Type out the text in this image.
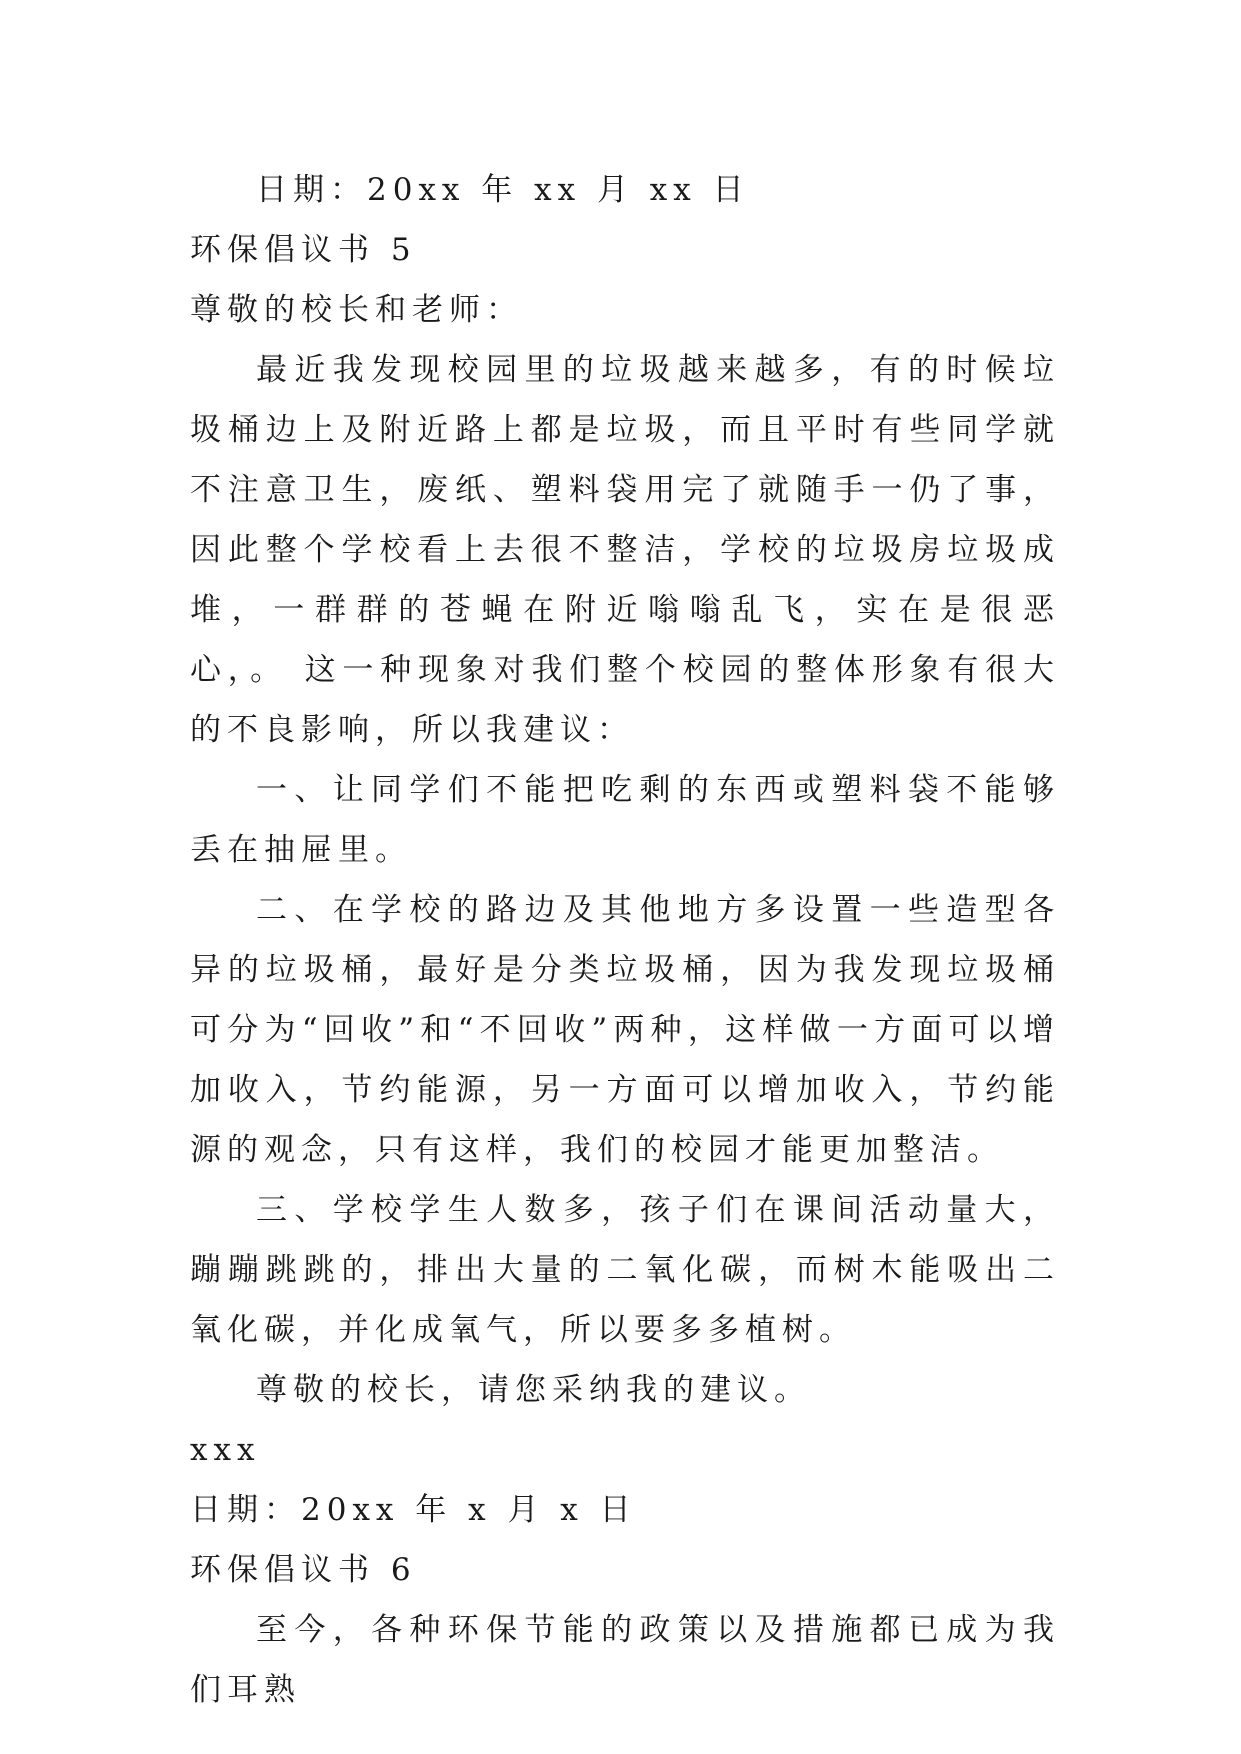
日期：20xx 年 xx 月 xx 日

环保倡议书 5

尊敬的校长和老师：

最近我发现校园里的垃圾越来越多，有的时候垃圾桶边上及附近路上都是垃圾，而且平时有些同学就不注意卫生，废纸、塑料袋用完了就随手一仍了事，因此整个学校看上去很不整洁，学校的垃圾房垃圾成堆，一群群的苍蝇在附近嗡嗡乱飞，实在是很恶心，。 这一种现象对我们整个校园的整体形象有很大的不良影响，所以我建议：

一、让同学们不能把吃剩的东西或塑料袋不能够丢在抽屉里。

二、在学校的路边及其他地方多设置一些造型各异的垃圾桶，最好是分类垃圾桶，因为我发现垃圾桶可分为“回收”和“不回收”两种，这样做一方面可以增加收入，节约能源，另一方面可以增加收入，节约能源的观念，只有这样，我们的校园才能更加整洁。

三、学校学生人数多，孩子们在课间活动量大，蹦蹦跳跳的，排出大量的二氧化碳，而树木能吸出二氧化碳，并化成氧气，所以要多多植树。

尊敬的校长，请您采纳我的建议。

xxx

日期：20xx 年 x 月 x 日

环保倡议书 6

至今，各种环保节能的政策以及措施都已成为我们耳熟
